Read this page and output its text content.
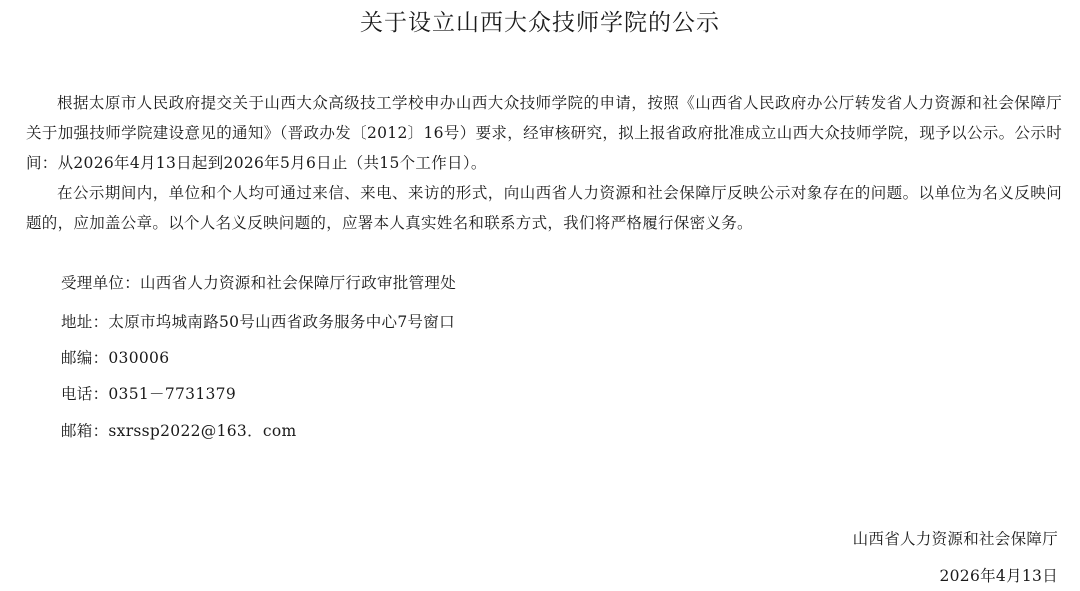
关于设立山西大众技师学院的公示

根据太原市人民政府提交关于山西大众高级技工学校申办山西大众技师学院的申请，按照《山西省人民政府办公厅转发省人力资源和社会保障厅关于加强技师学院建设意见的通知》（晋政办发〔2012〕16号）要求，经审核研究，拟上报省政府批准成立山西大众技师学院，现予以公示。公示时间：从2026年4月13日起到2026年5月6日止（共15个工作日）。

在公示期间内，单位和个人均可通过来信、来电、来访的形式，向山西省人力资源和社会保障厅反映公示对象存在的问题。以单位为名义反映问题的，应加盖公章。以个人名义反映问题的，应署本人真实姓名和联系方式，我们将严格履行保密义务。

受理单位：山西省人力资源和社会保障厅行政审批管理处
地址：太原市坞城南路50号山西省政务服务中心7号窗口
邮编：030006
电话：0351－7731379
邮箱：sxrssp2022@163．com
山西省人力资源和社会保障厅
2026年4月13日
